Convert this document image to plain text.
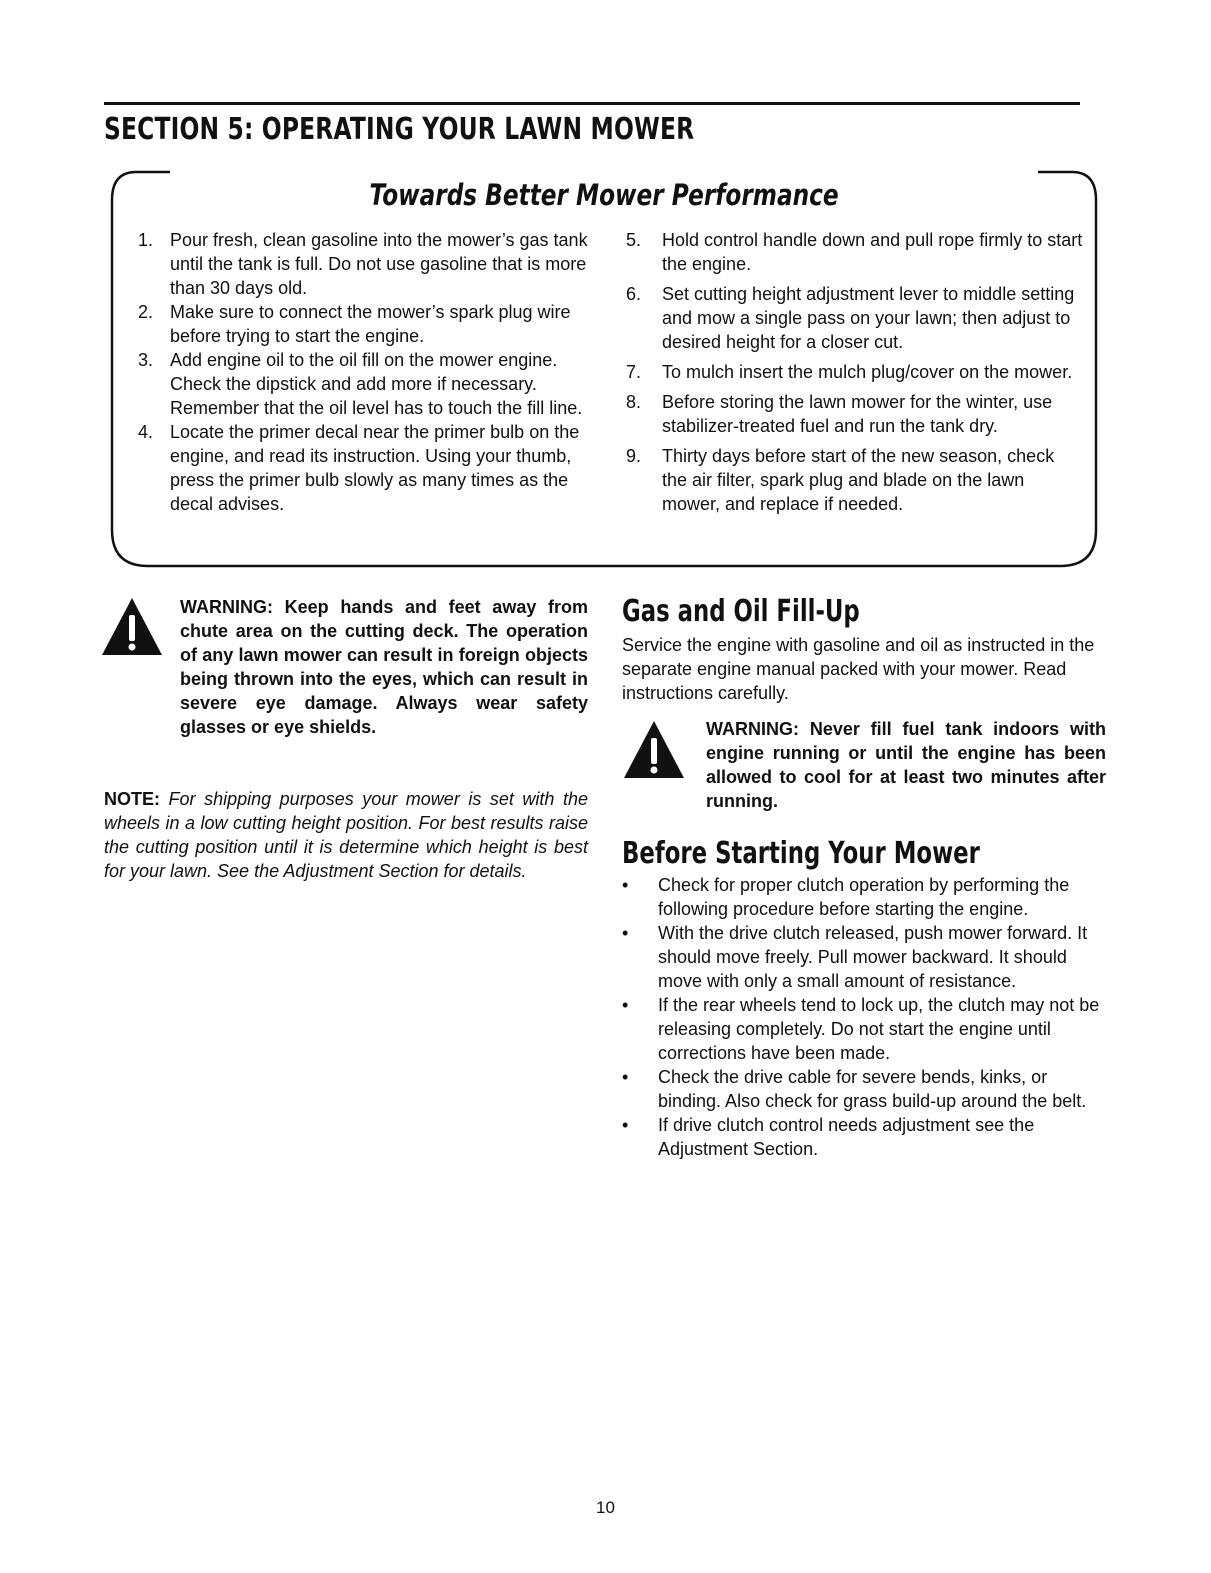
SECTION 5: OPERATING YOUR LAWN MOWER
Towards Better Mower Performance
1. Pour fresh, clean gasoline into the mower’s gas tank until the tank is full. Do not use gasoline that is more than 30 days old.
2. Make sure to connect the mower’s spark plug wire before trying to start the engine.
3. Add engine oil to the oil fill on the mower engine. Check the dipstick and add more if necessary. Remember that the oil level has to touch the fill line.
4. Locate the primer decal near the primer bulb on the engine, and read its instruction. Using your thumb, press the primer bulb slowly as many times as the decal advises.
5. Hold control handle down and pull rope firmly to start the engine.
6. Set cutting height adjustment lever to middle setting and mow a single pass on your lawn; then adjust to desired height for a closer cut.
7. To mulch insert the mulch plug/cover on the mower.
8. Before storing the lawn mower for the winter, use stabilizer-treated fuel and run the tank dry.
9. Thirty days before start of the new season, check the air filter, spark plug and blade on the lawn mower, and replace if needed.
WARNING: Keep hands and feet away from chute area on the cutting deck. The operation of any lawn mower can result in foreign objects being thrown into the eyes, which can result in severe eye damage. Always wear safety glasses or eye shields.

NOTE: For shipping purposes your mower is set with the wheels in a low cutting height position. For best results raise the cutting position until it is determine which height is best for your lawn. See the Adjustment Section for details.

Gas and Oil Fill-Up

Service the engine with gasoline and oil as instructed in the separate engine manual packed with your mower. Read instructions carefully.

WARNING: Never fill fuel tank indoors with engine running or until the engine has been allowed to cool for at least two minutes after running.
Before Starting Your Mower
• Check for proper clutch operation by performing the following procedure before starting the engine.
• With the drive clutch released, push mower forward. It should move freely. Pull mower backward. It should move with only a small amount of resistance.
• If the rear wheels tend to lock up, the clutch may not be releasing completely. Do not start the engine until corrections have been made.
• Check the drive cable for severe bends, kinks, or binding. Also check for grass build-up around the belt.
• If drive clutch control needs adjustment see the Adjustment Section.
10
